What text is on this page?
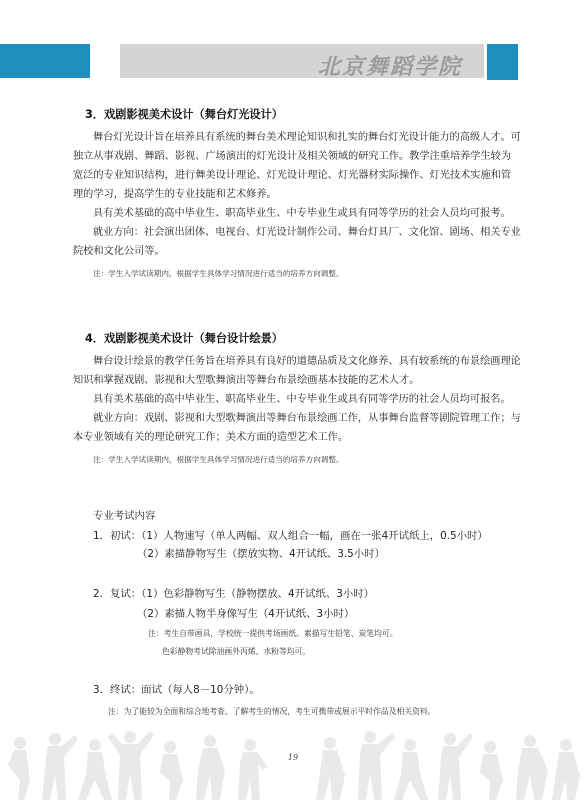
北京舞蹈学院
3．戏剧影视美术设计（舞台灯光设计）

舞台灯光设计旨在培养具有系统的舞台美术理论知识和扎实的舞台灯光设计能力的高级人才。可独立从事戏剧、舞蹈、影视、广场演出的灯光设计及相关领域的研究工作。教学注重培养学生较为宽泛的专业知识结构，进行舞美设计理论、灯光设计理论、灯光器材实际操作、灯光技术实施和管理的学习，提高学生的专业技能和艺术修养。

具有美术基础的高中毕业生、职高毕业生、中专毕业生或具有同等学历的社会人员均可报考。

就业方向：社会演出团体、电视台、灯光设计制作公司、舞台灯具厂、文化馆、剧场、相关专业院校和文化公司等。

注：学生入学试读期内，根据学生具体学习情况进行适当的培养方向调整。
4．戏剧影视美术设计（舞台设计绘景）

舞台设计绘景的教学任务旨在培养具有良好的道德品质及文化修养、具有较系统的布景绘画理论知识和掌握戏剧、影视和大型歌舞演出等舞台布景绘画基本技能的艺术人才。

具有美术基础的高中毕业生、职高毕业生、中专毕业生或具有同等学历的社会人员均可报名。

就业方向：戏剧、影视和大型歌舞演出等舞台布景绘画工作，从事舞台监督等剧院管理工作；与本专业领域有关的理论研究工作；美术方面的造型艺术工作。

注：学生入学试读期内，根据学生具体学习情况进行适当的培养方向调整。
专业考试内容
1．初试：（1）人物速写（单人两幅、双人组合一幅，画在一张4开试纸上，0.5小时）
（2）素描静物写生（摆放实物、4开试纸、3.5小时）
2．复试：（1）色彩静物写生（静物摆放、4开试纸、3小时）
（2）素描人物半身像写生（4开试纸、3小时）
注：考生自带画具，学校统一提供考场画纸。素描写生铅笔、炭笔均可。
色彩静物考试除油画外丙烯、水粉等均可。
3．终试：面试（每人8－10分钟）。
注：为了能较为全面和综合地考查、了解考生的情况，考生可携带或展示平时作品及相关资料。
19
